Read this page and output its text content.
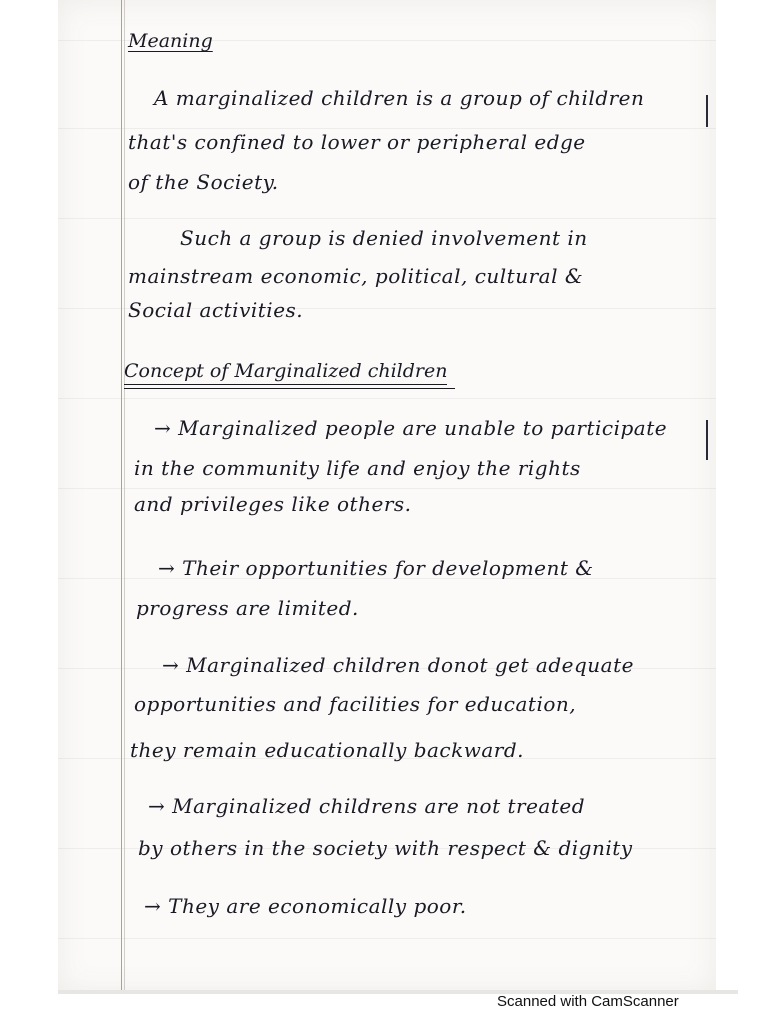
Meaning
A marginalized children is a group of children
that's confined to lower or peripheral edge
of the Society.
Such a group is denied involvement in
mainstream economic, political, cultural &
Social activities.
Concept of Marginalized children
→ Marginalized people are unable to participate
in the community life and enjoy the rights
and privileges like others.
→ Their opportunities for development &
progress are limited.
→ Marginalized children donot get adequate
opportunities and facilities for education,
they remain educationally backward.
→ Marginalized childrens are not treated
by others in the society with respect & dignity
→ They are economically poor.
Scanned with CamScanner
